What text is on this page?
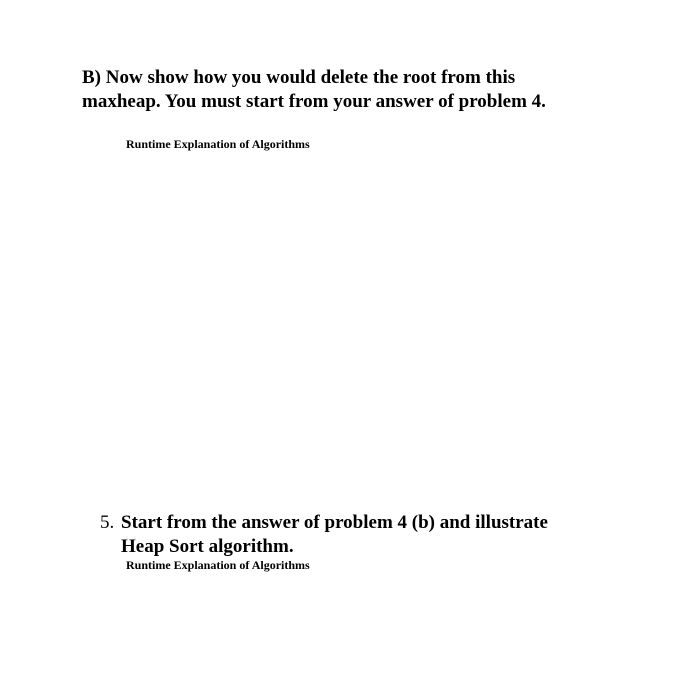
B) Now show how you would delete the root from this

maxheap. You must start from your answer of problem 4.

Runtime Explanation of Algorithms

5. Start from the answer of problem 4 (b) and illustrate

Heap Sort algorithm.

Runtime Explanation of Algorithms
